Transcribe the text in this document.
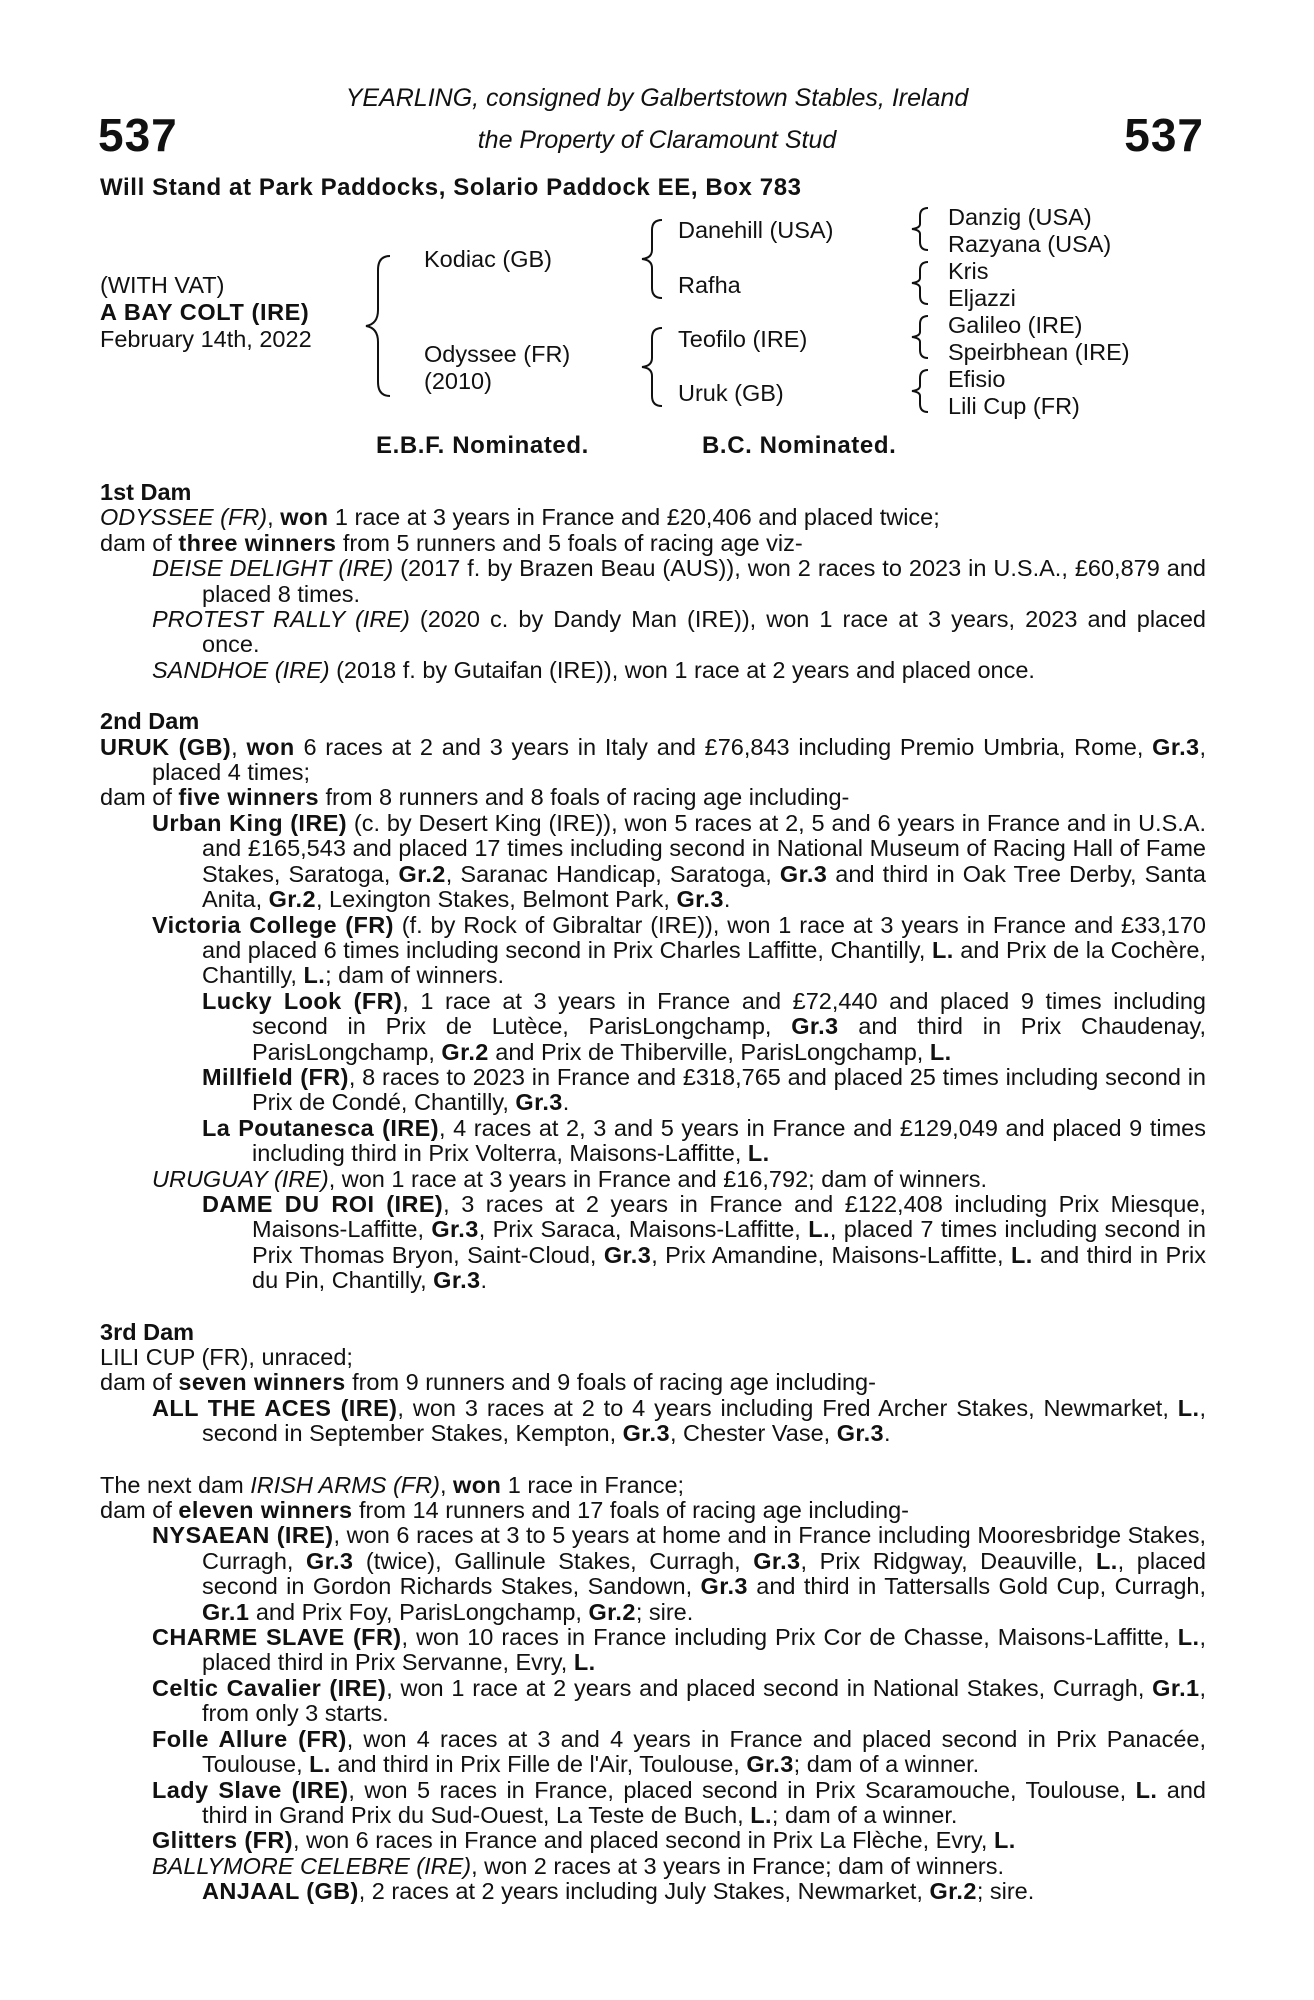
537	537
YEARLING, consigned by Galbertstown Stables, Ireland
the Property of Claramount Stud
Will Stand at Park Paddocks, Solario Paddock EE, Box 783
(WITH VAT)
A BAY COLT (IRE)
February 14th, 2022
Kodiac (GB)
Odyssee (FR)
(2010)
Danehill (USA)
Rafha
Teofilo (IRE)
Uruk (GB)
Danzig (USA)
Razyana (USA)
Kris
Eljazzi
Galileo (IRE)
Speirbhean (IRE)
Efisio
Lili Cup (FR)
E.B.F. Nominated.	B.C. Nominated.
1st Dam
ODYSSEE (FR), won 1 race at 3 years in France and £20,406 and placed twice;
dam of three winners from 5 runners and 5 foals of racing age viz-
DEISE DELIGHT (IRE) (2017 f. by Brazen Beau (AUS)), won 2 races to 2023 in U.S.A., £60,879 and placed 8 times.
PROTEST RALLY (IRE) (2020 c. by Dandy Man (IRE)), won 1 race at 3 years, 2023 and placed once.
SANDHOE (IRE) (2018 f. by Gutaifan (IRE)), won 1 race at 2 years and placed once.
2nd Dam
URUK (GB), won 6 races at 2 and 3 years in Italy and £76,843 including Premio Umbria, Rome, Gr.3, placed 4 times;
dam of five winners from 8 runners and 8 foals of racing age including-
Urban King (IRE) (c. by Desert King (IRE)), won 5 races at 2, 5 and 6 years in France and in U.S.A. and £165,543 and placed 17 times including second in National Museum of Racing Hall of Fame Stakes, Saratoga, Gr.2, Saranac Handicap, Saratoga, Gr.3 and third in Oak Tree Derby, Santa Anita, Gr.2, Lexington Stakes, Belmont Park, Gr.3.
Victoria College (FR) (f. by Rock of Gibraltar (IRE)), won 1 race at 3 years in France and £33,170 and placed 6 times including second in Prix Charles Laffitte, Chantilly, L. and Prix de la Cochère, Chantilly, L.; dam of winners.
Lucky Look (FR), 1 race at 3 years in France and £72,440 and placed 9 times including second in Prix de Lutèce, ParisLongchamp, Gr.3 and third in Prix Chaudenay, ParisLongchamp, Gr.2 and Prix de Thiberville, ParisLongchamp, L.
Millfield (FR), 8 races to 2023 in France and £318,765 and placed 25 times including second in Prix de Condé, Chantilly, Gr.3.
La Poutanesca (IRE), 4 races at 2, 3 and 5 years in France and £129,049 and placed 9 times including third in Prix Volterra, Maisons-Laffitte, L.
URUGUAY (IRE), won 1 race at 3 years in France and £16,792; dam of winners.
DAME DU ROI (IRE), 3 races at 2 years in France and £122,408 including Prix Miesque, Maisons-Laffitte, Gr.3, Prix Saraca, Maisons-Laffitte, L., placed 7 times including second in Prix Thomas Bryon, Saint-Cloud, Gr.3, Prix Amandine, Maisons-Laffitte, L. and third in Prix du Pin, Chantilly, Gr.3.
3rd Dam
LILI CUP (FR), unraced;
dam of seven winners from 9 runners and 9 foals of racing age including-
ALL THE ACES (IRE), won 3 races at 2 to 4 years including Fred Archer Stakes, Newmarket, L., second in September Stakes, Kempton, Gr.3, Chester Vase, Gr.3.
The next dam IRISH ARMS (FR), won 1 race in France;
dam of eleven winners from 14 runners and 17 foals of racing age including-
NYSAEAN (IRE), won 6 races at 3 to 5 years at home and in France including Mooresbridge Stakes, Curragh, Gr.3 (twice), Gallinule Stakes, Curragh, Gr.3, Prix Ridgway, Deauville, L., placed second in Gordon Richards Stakes, Sandown, Gr.3 and third in Tattersalls Gold Cup, Curragh, Gr.1 and Prix Foy, ParisLongchamp, Gr.2; sire.
CHARME SLAVE (FR), won 10 races in France including Prix Cor de Chasse, Maisons-Laffitte, L., placed third in Prix Servanne, Evry, L.
Celtic Cavalier (IRE), won 1 race at 2 years and placed second in National Stakes, Curragh, Gr.1, from only 3 starts.
Folle Allure (FR), won 4 races at 3 and 4 years in France and placed second in Prix Panacée, Toulouse, L. and third in Prix Fille de l'Air, Toulouse, Gr.3; dam of a winner.
Lady Slave (IRE), won 5 races in France, placed second in Prix Scaramouche, Toulouse, L. and third in Grand Prix du Sud-Ouest, La Teste de Buch, L.; dam of a winner.
Glitters (FR), won 6 races in France and placed second in Prix La Flèche, Evry, L.
BALLYMORE CELEBRE (IRE), won 2 races at 3 years in France; dam of winners.
ANJAAL (GB), 2 races at 2 years including July Stakes, Newmarket, Gr.2; sire.
